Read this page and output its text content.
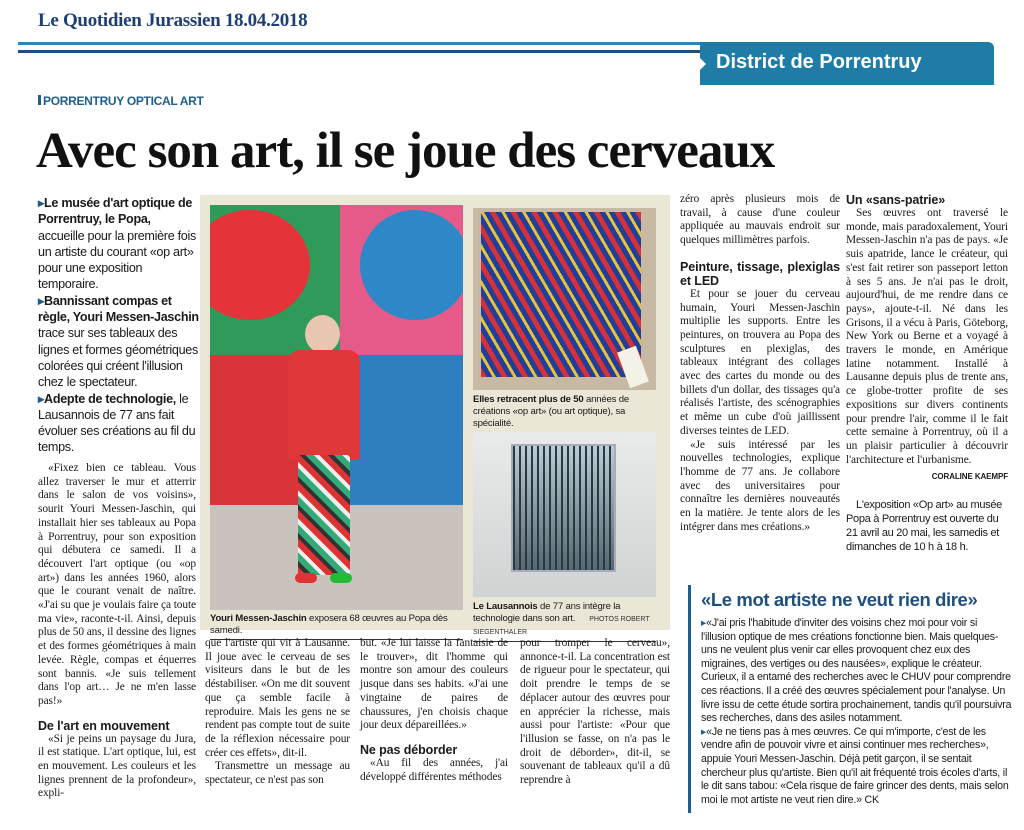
Le Quotidien Jurassien 18.04.2018
District de Porrentruy
PORRENTRUY OPTICAL ART
Avec son art, il se joue des cerveaux
▸ Le musée d'art optique de Porrentruy, le Popa, accueille pour la première fois un artiste du courant «op art» pour une exposition temporaire.
▸ Bannissant compas et règle, Youri Messen-Jaschin trace sur ses tableaux des lignes et formes géométriques colorées qui créent l'illusion chez le spectateur.
▸ Adepte de technologie, le Lausannois de 77 ans fait évoluer ses créations au fil du temps.

«Fixez bien ce tableau. Vous allez traverser le mur et atterrir dans le salon de vos voisins», sourit Youri Messen-Jaschin, qui installait hier ses tableaux au Popa à Porrentruy, pour son exposition qui débutera ce samedi. Il a découvert l'art optique (ou «op art») dans les années 1960, alors que le courant venait de naître. «J'ai su que je voulais faire ça toute ma vie», raconte-t-il. Ainsi, depuis plus de 50 ans, il dessine des lignes et des formes géométriques à main levée. Règle, compas et équerres sont bannis. «Je suis tellement dans l'op art… Je ne m'en lasse pas!»

De l'art en mouvement

«Si je peins un paysage du Jura, il est statique. L'art optique, lui, est en mouvement. Les couleurs et les lignes prennent de la profondeur», expli-

Youri Messen-Jaschin exposera 68 œuvres au Popa dès samedi.
Elles retracent plus de 50 années de créations «op art» (ou art optique), sa spécialité.
Le Lausannois de 77 ans intègre la technologie dans son art. PHOTOS ROBERT SIEGENTHALER

que l'artiste qui vit à Lausanne. Il joue avec le cerveau de ses visiteurs dans le but de les déstabiliser. «On me dit souvent que ça semble facile à reproduire. Mais les gens ne se rendent pas compte tout de suite de la réflexion nécessaire pour créer ces effets», dit-il.

Transmettre un message au spectateur, ce n'est pas son

but. «Je lui laisse la fantaisie de le trouver», dit l'homme qui montre son amour des couleurs jusque dans ses habits. «J'ai une vingtaine de paires de chaussures, j'en choisis chaque jour deux dépareillées.»

Ne pas déborder

«Au fil des années, j'ai développé différentes méthodes

pour tromper le cerveau», annonce-t-il. La concentration est de rigueur pour le spectateur, qui doit prendre le temps de se déplacer autour des œuvres pour en apprécier la richesse, mais aussi pour l'artiste: «Pour que l'illusion se fasse, on n'a pas le droit de déborder», dit-il, se souvenant de tableaux qu'il a dû reprendre à

zéro après plusieurs mois de travail, à cause d'une couleur appliquée au mauvais endroit sur quelques millimètres parfois.

Peinture, tissage, plexiglas et LED

Et pour se jouer du cerveau humain, Youri Messen-Jaschin multiplie les supports. Entre les peintures, on trouvera au Popa des sculptures en plexiglas, des tableaux intégrant des collages avec des cartes du monde ou des billets d'un dollar, des tissages qu'a réalisés l'artiste, des scénographies et même un cube d'où jaillissent diverses teintes de LED.

«Je suis intéressé par les nouvelles technologies, explique l'homme de 77 ans. Je collabore avec des universitaires pour connaître les dernières nouveautés en la matière. Je tente alors de les intégrer dans mes créations.»

Un «sans-patrie»

Ses œuvres ont traversé le monde, mais paradoxalement, Youri Messen-Jaschin n'a pas de pays. «Je suis apatride, lance le créateur, qui s'est fait retirer son passeport letton à ses 5 ans. Je n'ai pas le droit, aujourd'hui, de me rendre dans ce pays», ajoute-t-il. Né dans les Grisons, il a vécu à Paris, Göteborg, New York ou Berne et a voyagé à travers le monde, en Amérique latine notamment. Installé à Lausanne depuis plus de trente ans, ce globe-trotter profite de ses expositions sur divers continents pour prendre l'air, comme il le fait cette semaine à Porrentruy, où il a un plaisir particulier à découvrir l'architecture et l'urbanisme.

CORALINE KAEMPF

L'exposition «Op art» au musée Popa à Porrentruy est ouverte du 21 avril au 20 mai, les samedis et dimanches de 10 h à 18 h.

«Le mot artiste ne veut rien dire»

▸ «J'ai pris l'habitude d'inviter des voisins chez moi pour voir si l'illusion optique de mes créations fonctionne bien. Mais quelques-uns ne veulent plus venir car elles provoquent chez eux des migraines, des vertiges ou des nausées», explique le créateur. Curieux, il a entamé des recherches avec le CHUV pour comprendre ces réactions. Il a créé des œuvres spécialement pour l'analyse. Un livre issu de cette étude sortira prochainement, tandis qu'il poursuivra ses recherches, dans des asiles notamment.

▸ «Je ne tiens pas à mes œuvres. Ce qui m'importe, c'est de les vendre afin de pouvoir vivre et ainsi continuer mes recherches», appuie Youri Messen-Jaschin. Déjà petit garçon, il se sentait chercheur plus qu'artiste. Bien qu'il ait fréquenté trois écoles d'arts, il le dit sans tabou: «Cela risque de faire grincer des dents, mais selon moi le mot artiste ne veut rien dire.» CK
